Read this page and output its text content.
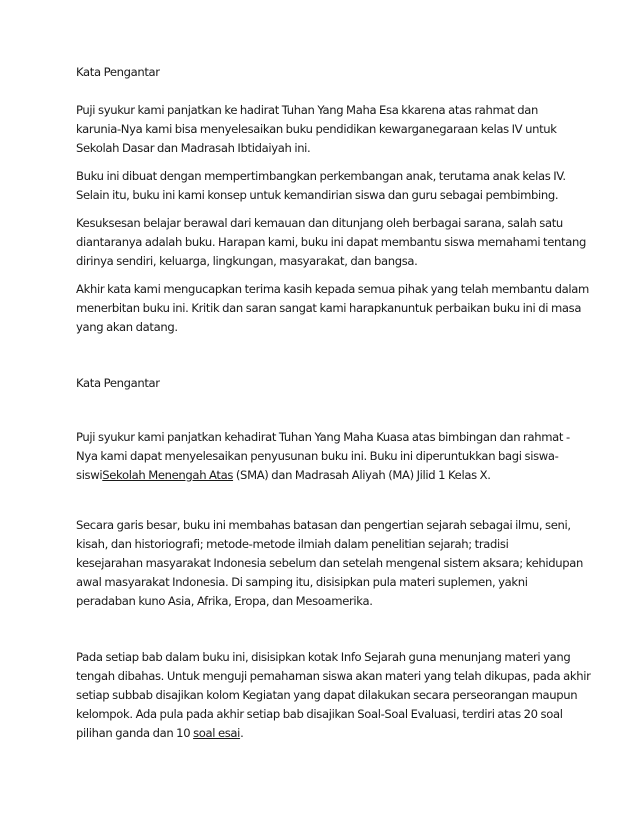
Kata Pengantar
Puji syukur kami panjatkan ke hadirat Tuhan Yang Maha Esa kkarena atas rahmat dan
karunia-Nya kami bisa menyelesaikan buku pendidikan kewarganegaraan kelas IV untuk
Sekolah Dasar dan Madrasah Ibtidaiyah ini.
Buku ini dibuat dengan mempertimbangkan perkembangan anak, terutama anak kelas IV.
Selain itu, buku ini kami konsep untuk kemandirian siswa dan guru sebagai pembimbing.
Kesuksesan belajar berawal dari kemauan dan ditunjang oleh berbagai sarana, salah satu
diantaranya adalah buku. Harapan kami, buku ini dapat membantu siswa memahami tentang
dirinya sendiri, keluarga, lingkungan, masyarakat, dan bangsa.
Akhir kata kami mengucapkan terima kasih kepada semua pihak yang telah membantu dalam
menerbitan buku ini. Kritik dan saran sangat kami harapkanuntuk perbaikan buku ini di masa
yang akan datang.
Kata Pengantar
Puji syukur kami panjatkan kehadirat Tuhan Yang Maha Kuasa atas bimbingan dan rahmat -
Nya kami dapat menyelesaikan penyusunan buku ini. Buku ini diperuntukkan bagi siswa-
siswiSekolah Menengah Atas (SMA) dan Madrasah Aliyah (MA) Jilid 1 Kelas X.
Secara garis besar, buku ini membahas batasan dan pengertian sejarah sebagai ilmu, seni,
kisah, dan historiografi; metode-metode ilmiah dalam penelitian sejarah; tradisi
kesejarahan masyarakat Indonesia sebelum dan setelah mengenal sistem aksara; kehidupan
awal masyarakat Indonesia. Di samping itu, disisipkan pula materi suplemen, yakni
peradaban kuno Asia, Afrika, Eropa, dan Mesoamerika.
Pada setiap bab dalam buku ini, disisipkan kotak Info Sejarah guna menunjang materi yang
tengah dibahas. Untuk menguji pemahaman siswa akan materi yang telah dikupas, pada akhir
setiap subbab disajikan kolom Kegiatan yang dapat dilakukan secara perseorangan maupun
kelompok. Ada pula pada akhir setiap bab disajikan Soal-Soal Evaluasi, terdiri atas 20 soal
pilihan ganda dan 10 soal esai.
